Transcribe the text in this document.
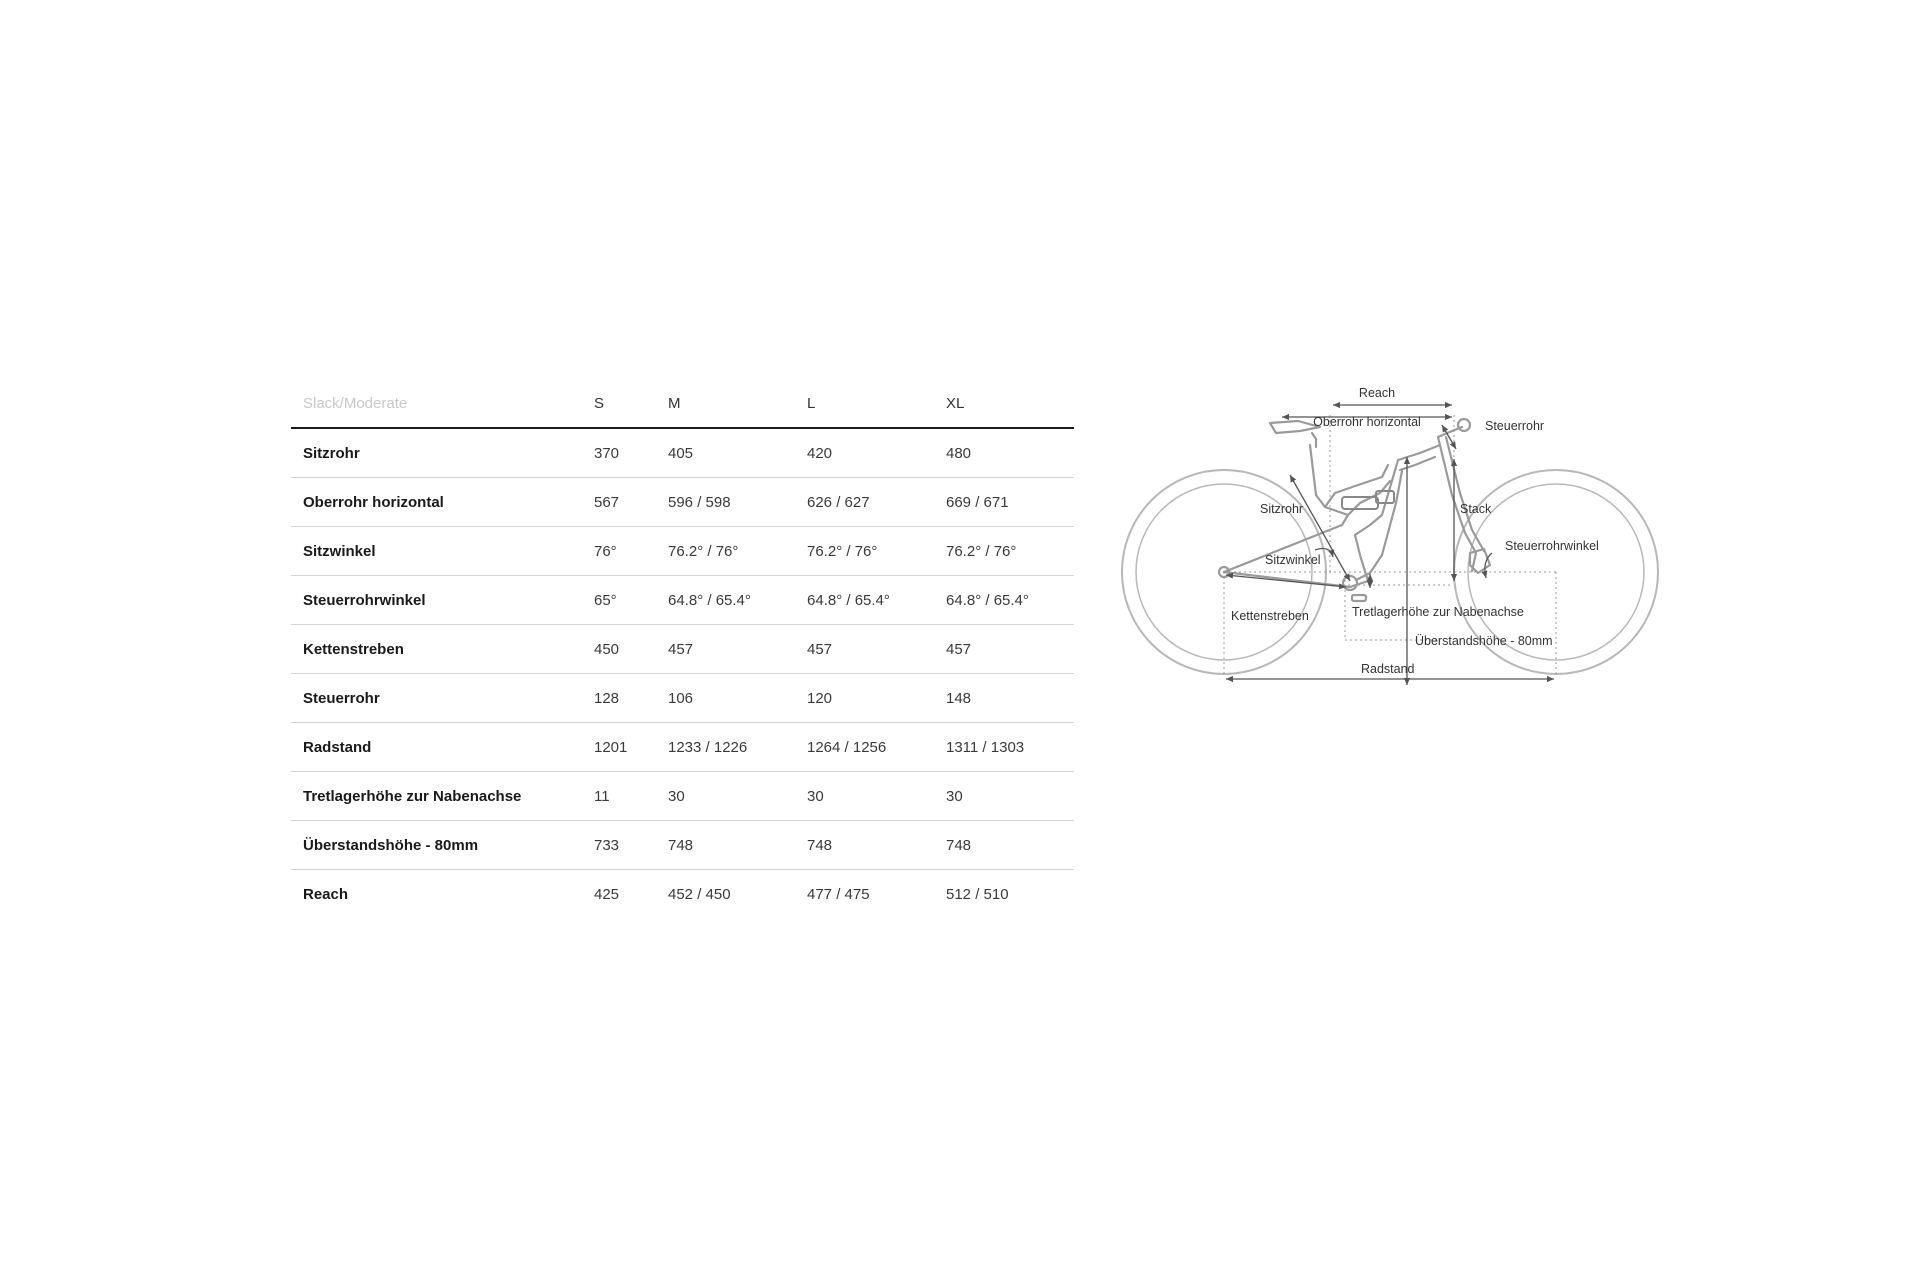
Slack/Moderate	S	M	L	XL
Sitzrohr	370	405	420	480
Oberrohr horizontal	567	596 / 598	626 / 627	669 / 671
Sitzwinkel	76°	76.2° / 76°	76.2° / 76°	76.2° / 76°
Steuerrohrwinkel	65°	64.8° / 65.4°	64.8° / 65.4°	64.8° / 65.4°
Kettenstreben	450	457	457	457
Steuerrohr	128	106	120	148
Radstand	1201	1233 / 1226	1264 / 1256	1311 / 1303
Tretlagerhöhe zur Nabenachse	11	30	30	30
Überstandshöhe - 80mm	733	748	748	748
Reach	425	452 / 450	477 / 475	512 / 510
Reach
Oberrohr horizontal	Steuerrohr
Sitzrohr	Stack
Steuerrohrwinkel
Sitzwinkel
Kettenstreben	Tretlagerhöhe zur Nabenachse
Überstandshöhe - 80mm
Radstand
